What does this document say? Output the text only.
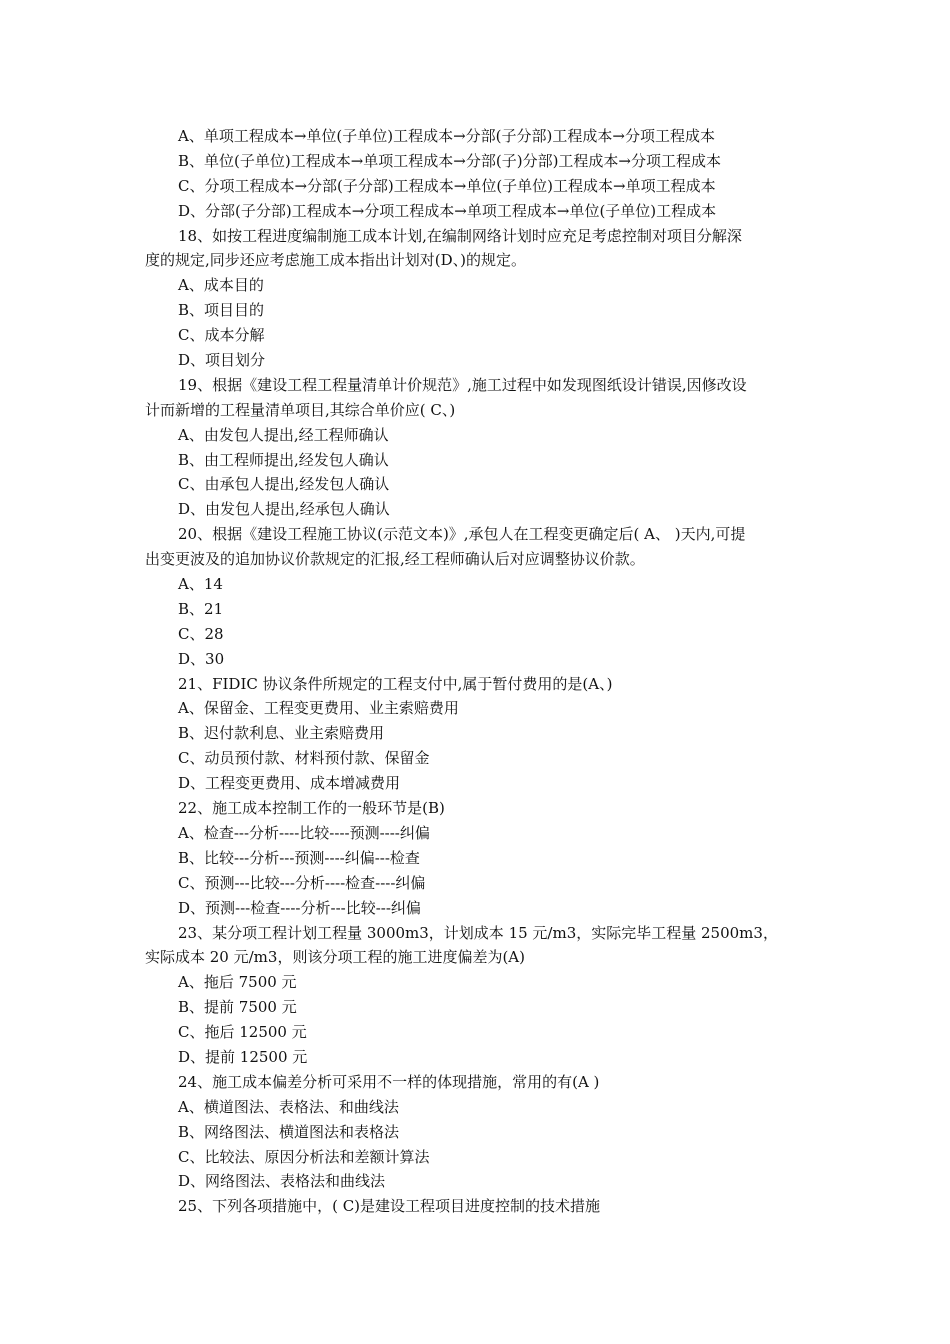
A、单项工程成本→单位(子单位)工程成本→分部(子分部)工程成本→分项工程成本
B、单位(子单位)工程成本→单项工程成本→分部(子)分部)工程成本→分项工程成本
C、分项工程成本→分部(子分部)工程成本→单位(子单位)工程成本→单项工程成本
D、分部(子分部)工程成本→分项工程成本→单项工程成本→单位(子单位)工程成本
18、如按工程进度编制施工成本计划,在编制网络计划时应充足考虑控制对项目分解深
度的规定,同步还应考虑施工成本指出计划对(D、)的规定。
A、成本目的
B、项目目的
C、成本分解
D、项目划分
19、根据《建设工程工程量清单计价规范》,施工过程中如发现图纸设计错误,因修改设
计而新增的工程量清单项目,其综合单价应( C、)
A、由发包人提出,经工程师确认
B、由工程师提出,经发包人确认
C、由承包人提出,经发包人确认
D、由发包人提出,经承包人确认
20、根据《建设工程施工协议(示范文本)》,承包人在工程变更确定后( A、 )天内,可提
出变更波及的追加协议价款规定的汇报,经工程师确认后对应调整协议价款。
A、14
B、21
C、28
D、30
21、FIDIC 协议条件所规定的工程支付中,属于暂付费用的是(A、)
A、保留金、工程变更费用、业主索赔费用
B、迟付款利息、业主索赔费用
C、动员预付款、材料预付款、保留金
D、工程变更费用、成本增减费用
22、施工成本控制工作的一般环节是(B)
A、检查---分析----比较----预测----纠偏
B、比较---分析---预测----纠偏---检查
C、预测---比较---分析----检查----纠偏
D、预测---检查----分析---比较---纠偏
23、某分项工程计划工程量 3000m3，计划成本 15 元/m3，实际完毕工程量 2500m3，
实际成本 20 元/m3，则该分项工程的施工进度偏差为(A)
A、拖后 7500 元
B、提前 7500 元
C、拖后 12500 元
D、提前 12500 元
24、施工成本偏差分析可采用不一样的体现措施，常用的有(A )
A、横道图法、表格法、和曲线法
B、网络图法、横道图法和表格法
C、比较法、原因分析法和差额计算法
D、网络图法、表格法和曲线法
25、下列各项措施中，( C)是建设工程项目进度控制的技术措施
